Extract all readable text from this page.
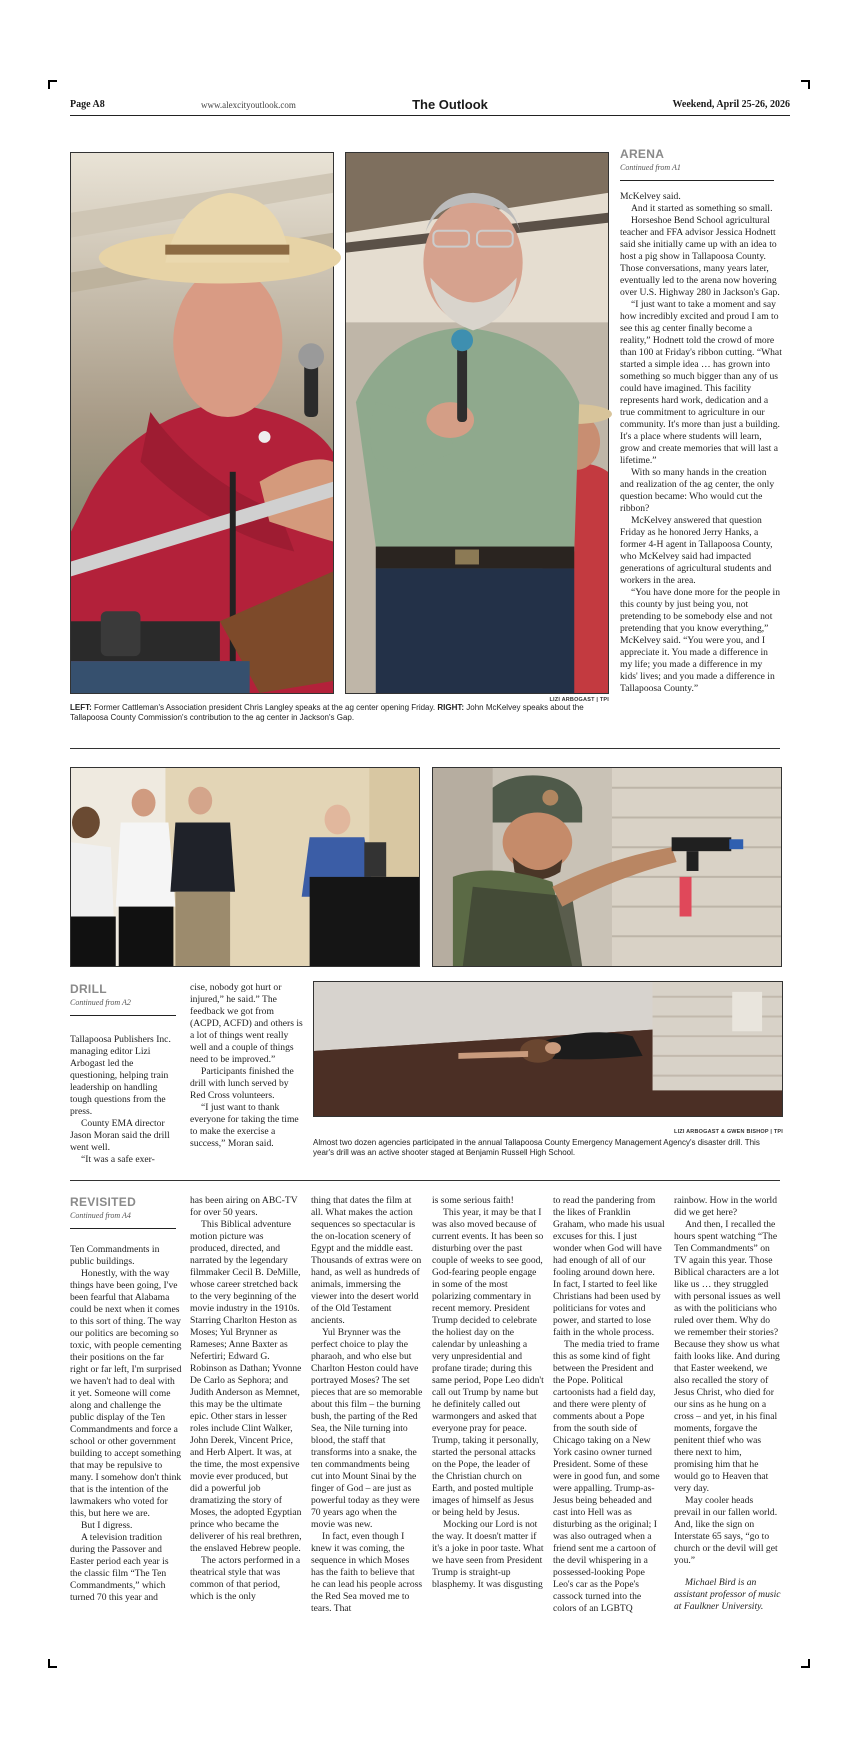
Page A8	www.alexcityoutlook.com	The Outlook	Weekend, April 25-26, 2026
LIZI ARBOGAST | TPI
LEFT: Former Cattleman's Association president Chris Langley speaks at the ag center opening Friday. RIGHT: John McKelvey speaks about the Tallapoosa County Commission's contribution to the ag center in Jackson's Gap.
ARENA
Continued from A1

McKelvey said.

And it started as something so small.

Horseshoe Bend School agricultural teacher and FFA advisor Jessica Hodnett said she initially came up with an idea to host a pig show in Tallapoosa County. Those conversations, many years later, eventually led to the arena now hovering over U.S. Highway 280 in Jackson's Gap.

“I just want to take a moment and say how incredibly excited and proud I am to see this ag center finally become a reality,” Hodnett told the crowd of more than 100 at Friday's ribbon cutting. “What started a simple idea … has grown into something so much bigger than any of us could have imagined. This facility represents hard work, dedication and a true commitment to agriculture in our community. It's more than just a building. It's a place where students will learn, grow and create memories that will last a lifetime.”

With so many hands in the creation and realization of the ag center, the only question became: Who would cut the ribbon?

McKelvey answered that question Friday as he honored Jerry Hanks, a former 4-H agent in Tallapoosa County, who McKelvey said had impacted generations of agricultural students and workers in the area.

“You have done more for the people in this county by just being you, not pretending to be somebody else and not pretending that you know everything,” McKelvey said. “You were you, and I appreciate it. You made a difference in my life; you made a difference in my kids' lives; and you made a difference in Tallapoosa County.”

DRILL
Continued from A2

Tallapoosa Publishers Inc. managing editor Lizi Arbogast led the questioning, helping train leadership on handling tough questions from the press.

County EMA director Jason Moran said the drill went well.

“It was a safe exer-

cise, nobody got hurt or injured,” he said.” The feedback we got from (ACPD, ACFD) and others is a lot of things went really well and a couple of things need to be improved.”

Participants finished the drill with lunch served by Red Cross volunteers.

“I just want to thank everyone for taking the time to make the exercise a success,” Moran said.

LIZI ARBOGAST & GWEN BISHOP | TPI
Almost two dozen agencies participated in the annual Tallapoosa County Emergency Management Agency's disaster drill. This year's drill was an active shooter staged at Benjamin Russell High School.
REVISITED
Continued from A4

Ten Commandments in public buildings.

Honestly, with the way things have been going, I've been fearful that Alabama could be next when it comes to this sort of thing. The way our politics are becoming so toxic, with people cementing their positions on the far right or far left, I'm surprised we haven't had to deal with it yet. Someone will come along and challenge the public display of the Ten Commandments and force a school or other government building to accept something that may be repulsive to many. I somehow don't think that is the intention of the lawmakers who voted for this, but here we are.

But I digress.

A television tradition during the Passover and Easter period each year is the classic film “The Ten Commandments,” which turned 70 this year and

has been airing on ABC-TV for over 50 years.

This Biblical adventure motion picture was produced, directed, and narrated by the legendary filmmaker Cecil B. DeMille, whose career stretched back to the very beginning of the movie industry in the 1910s. Starring Charlton Heston as Moses; Yul Brynner as Rameses; Anne Baxter as Nefertiri; Edward G. Robinson as Dathan; Yvonne De Carlo as Sephora; and Judith Anderson as Memnet, this may be the ultimate epic. Other stars in lesser roles include Clint Walker, John Derek, Vincent Price, and Herb Alpert. It was, at the time, the most expensive movie ever produced, but did a powerful job dramatizing the story of Moses, the adopted Egyptian prince who became the deliverer of his real brethren, the enslaved Hebrew people.

The actors performed in a theatrical style that was common of that period, which is the only

thing that dates the film at all. What makes the action sequences so spectacular is the on-location scenery of Egypt and the middle east. Thousands of extras were on hand, as well as hundreds of animals, immersing the viewer into the desert world of the Old Testament ancients.

Yul Brynner was the perfect choice to play the pharaoh, and who else but Charlton Heston could have portrayed Moses? The set pieces that are so memorable about this film – the burning bush, the parting of the Red Sea, the Nile turning into blood, the staff that transforms into a snake, the ten commandments being cut into Mount Sinai by the finger of God – are just as powerful today as they were 70 years ago when the movie was new.

In fact, even though I knew it was coming, the sequence in which Moses has the faith to believe that he can lead his people across the Red Sea moved me to tears. That

is some serious faith!

This year, it may be that I was also moved because of current events. It has been so disturbing over the past couple of weeks to see good, God-fearing people engage in some of the most polarizing commentary in recent memory. President Trump decided to celebrate the holiest day on the calendar by unleashing a very unpresidential and profane tirade; during this same period, Pope Leo didn't call out Trump by name but he definitely called out warmongers and asked that everyone pray for peace. Trump, taking it personally, started the personal attacks on the Pope, the leader of the Christian church on Earth, and posted multiple images of himself as Jesus or being held by Jesus.

Mocking our Lord is not the way. It doesn't matter if it's a joke in poor taste. What we have seen from President Trump is straight-up blasphemy. It was disgusting

to read the pandering from the likes of Franklin Graham, who made his usual excuses for this. I just wonder when God will have had enough of all of our fooling around down here. In fact, I started to feel like Christians had been used by politicians for votes and power, and started to lose faith in the whole process.

The media tried to frame this as some kind of fight between the President and the Pope. Political cartoonists had a field day, and there were plenty of comments about a Pope from the south side of Chicago taking on a New York casino owner turned President. Some of these were in good fun, and some were appalling. Trump-as-Jesus being beheaded and cast into Hell was as disturbing as the original; I was also outraged when a friend sent me a cartoon of the devil whispering in a possessed-looking Pope Leo's car as the Pope's cassock turned into the colors of an LGBTQ

rainbow. How in the world did we get here?

And then, I recalled the hours spent watching “The Ten Commandments” on TV again this year. Those Biblical characters are a lot like us … they struggled with personal issues as well as with the politicians who ruled over them. Why do we remember their stories? Because they show us what faith looks like. And during that Easter weekend, we also recalled the story of Jesus Christ, who died for our sins as he hung on a cross – and yet, in his final moments, forgave the penitent thief who was there next to him, promising him that he would go to Heaven that very day.

May cooler heads prevail in our fallen world. And, like the sign on Interstate 65 says, “go to church or the devil will get you.”

Michael Bird is an assistant professor of music at Faulkner University.
